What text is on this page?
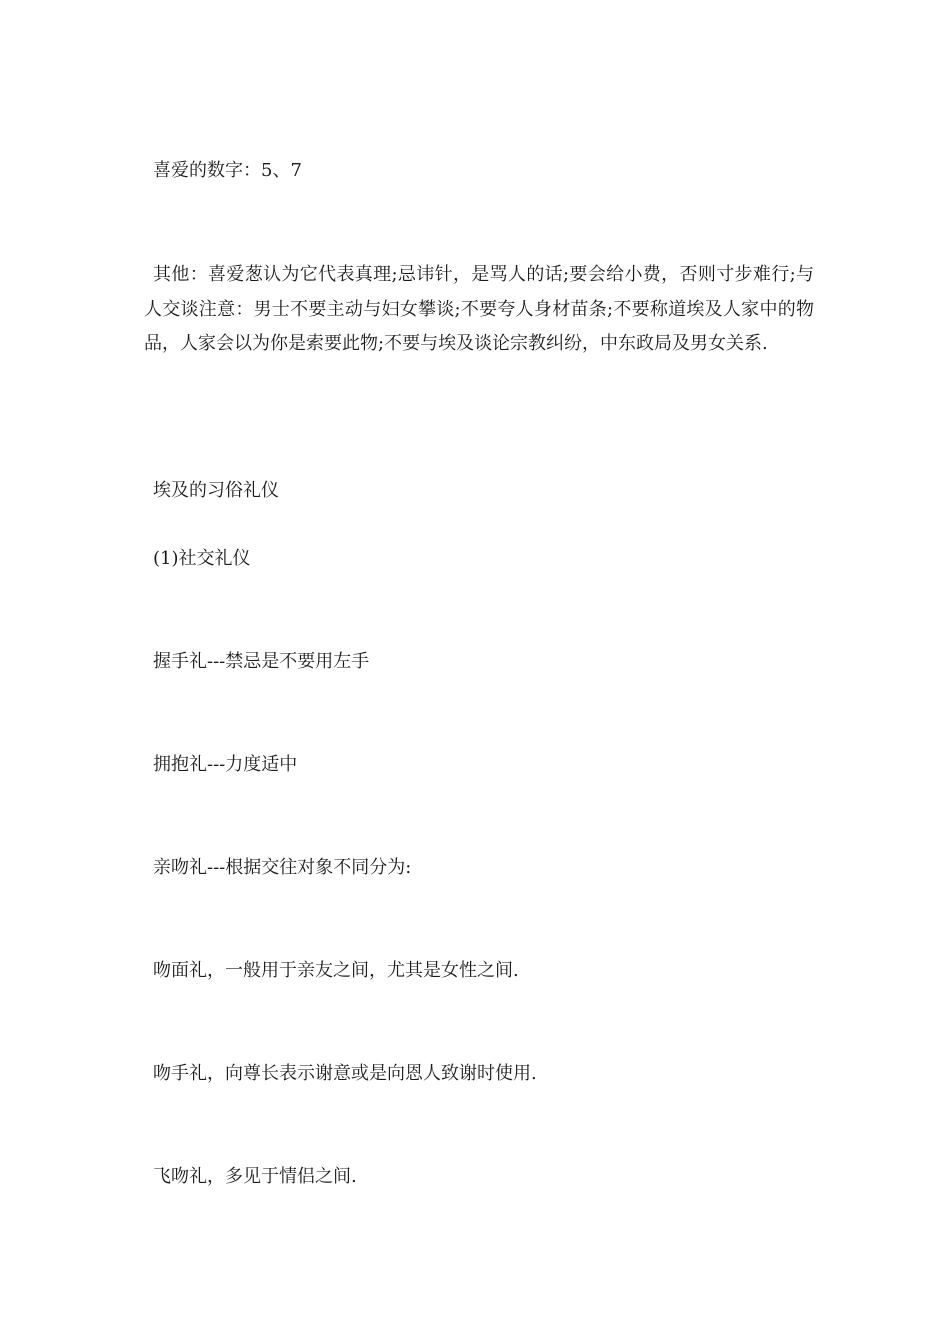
喜爱的数字：5、7
其他：喜爱葱认为它代表真理;忌讳针，是骂人的话;要会给小费，否则寸步难行;与人交谈注意：男士不要主动与妇女攀谈;不要夸人身材苗条;不要称道埃及人家中的物品，人家会以为你是索要此物;不要与埃及谈论宗教纠纷，中东政局及男女关系.
埃及的习俗礼仪
(1)社交礼仪
握手礼---禁忌是不要用左手
拥抱礼---力度适中
亲吻礼---根据交往对象不同分为:
吻面礼，一般用于亲友之间，尤其是女性之间.
吻手礼，向尊长表示谢意或是向恩人致谢时使用.
飞吻礼，多见于情侣之间.
